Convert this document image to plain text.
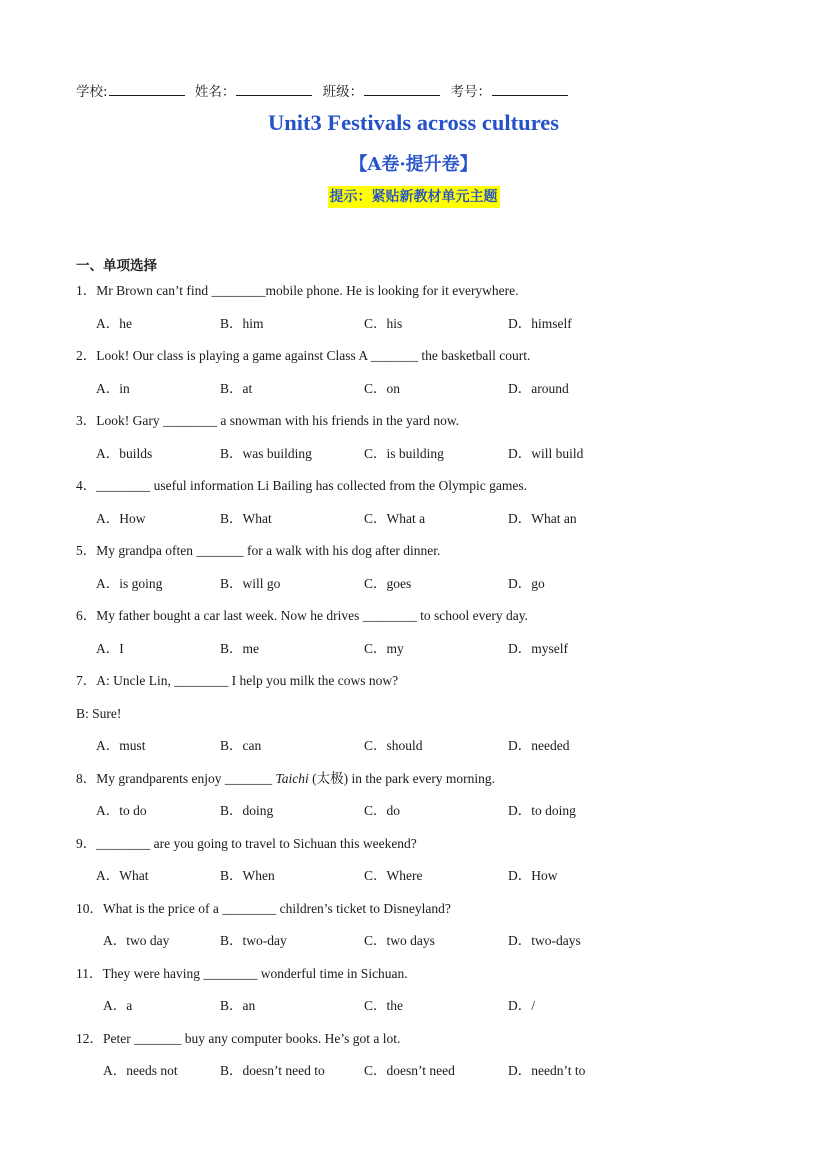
学校:	姓名：	班级：	考号：
Unit3 Festivals across cultures
【A卷·提升卷】
提示：紧贴新教材单元主题
一、单项选择
1．Mr Brown can’t find ________mobile phone. He is looking for it everywhere.
A．he	B．him	C．his	D．himself
2．Look! Our class is playing a game against Class A _______ the basketball court.
A．in	B．at	C．on	D．around
3．Look! Gary ________ a snowman with his friends in the yard now.
A．builds	B．was building	C．is building	D．will build
4．________ useful information Li Bailing has collected from the Olympic games.
A．How	B．What	C．What a	D．What an
5．My grandpa often _______ for a walk with his dog after dinner.
A．is going	B．will go	C．goes	D．go
6．My father bought a car last week. Now he drives ________ to school every day.
A．I	B．me	C．my	D．myself
7．A: Uncle Lin, ________ I help you milk the cows now?
B: Sure!
A．must	B．can	C．should	D．needed
8．My grandparents enjoy _______ Taichi (太极) in the park every morning.
A．to do	B．doing	C．do	D．to doing
9．________ are you going to travel to Sichuan this weekend?
A．What	B．When	C．Where	D．How
10．What is the price of a ________ children’s ticket to Disneyland?
A．two day	B．two-day	C．two days	D．two-days
11．They were having ________ wonderful time in Sichuan.
A．a	B．an	C．the	D．/
12．Peter _______ buy any computer books. He’s got a lot.
A．needs not	B．doesn’t need to	C．doesn’t need	D．needn’t to
